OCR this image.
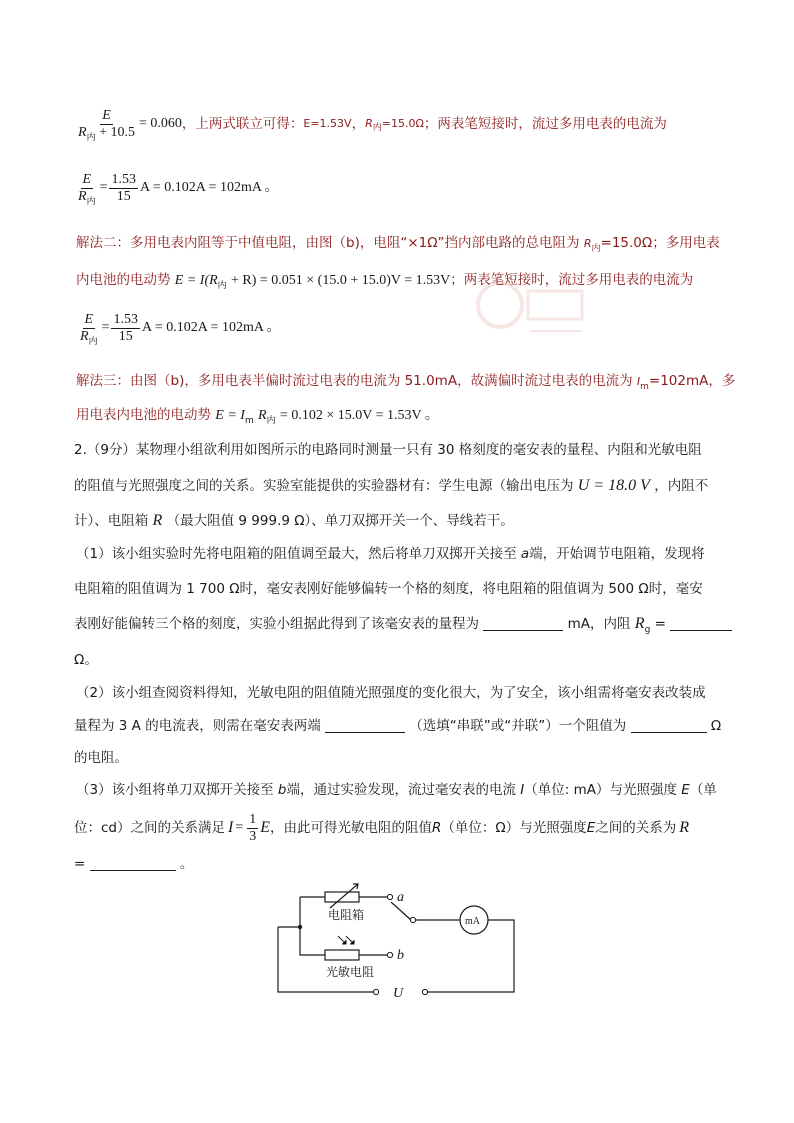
$\frac{E}{R_内 + 10.5} = 0.060$ ，上两式联立可得： E=1.53V ， R 内 =15.0Ω ；两表笔短接时，流过多用电表的电流为
$\frac{E}{R_内} = \frac{1.53}{15}$ A = 0.102A = 102mA 。
解法二：多用电表内阻等于中值电阻，由图（b)，电阻“×1Ω”挡内部电路的总电阻为 $R_内=15.0\Omega$；多用电表
内电池的电动势 $E = I(R_内 + R) = 0.051 \times (15.0 + 15.0)V = 1.53V$；两表笔短接时，流过多用电表的电流为
$\frac{E}{R_内} = \frac{1.53}{15}$ A = 0.102A = 102mA 。
解法三：由图（b)，多用电表半偏时流过电表的电流为 51.0mA，故满偏时流过电表的电流为 $I_m=102mA$，多
用电表内电池的电动势 $E = I_m$ $R_内 = 0.102 \times 15.0V = 1.53V$ 。
2.（9分）某物理小组欲利用如图所示的电路同时测量一只有 30 格刻度的毫安表的量程、内阻和光敏电阻
的阻值与光照强度之间的关系。实验室能提供的实验器材有：学生电源（输出电压为 U = 18.0 V ，内阻不
计）、电阻箱 R （最大阻值 9 999.9 Ω）、单刀双掷开关一个、导线若干。
（1）该小组实验时先将电阻箱的阻值调至最大，然后将单刀双掷开关接至 a端，开始调节电阻箱，发现将
电阻箱的阻值调为 1 700 Ω时，毫安表刚好能够偏转一个格的刻度，将电阻箱的阻值调为 500 Ω时，毫安
表刚好能偏转三个格的刻度，实验小组据此得到了该毫安表的量程为	mA，内阻 $R_g$ =
Ω。
（2）该小组查阅资料得知，光敏电阻的阻值随光照强度的变化很大，为了安全，该小组需将毫安表改装成
量程为 3 A 的电流表，则需在毫安表两端	（选填“串联”或“并联”）一个阻值为	Ω
的电阻。
（3）该小组将单刀双掷开关接至 b端，通过实验发现，流过毫安表的电流 I（单位: mA）与光照强度 E（单
位：cd）之间的关系满足 $I = \frac{1}{3}$ E ，由此可得光敏电阻的阻值 R （单位：Ω）与光照强度 E 之间的关系为 R
=	。
电阻箱
光敏电阻
mA
a
b
U
